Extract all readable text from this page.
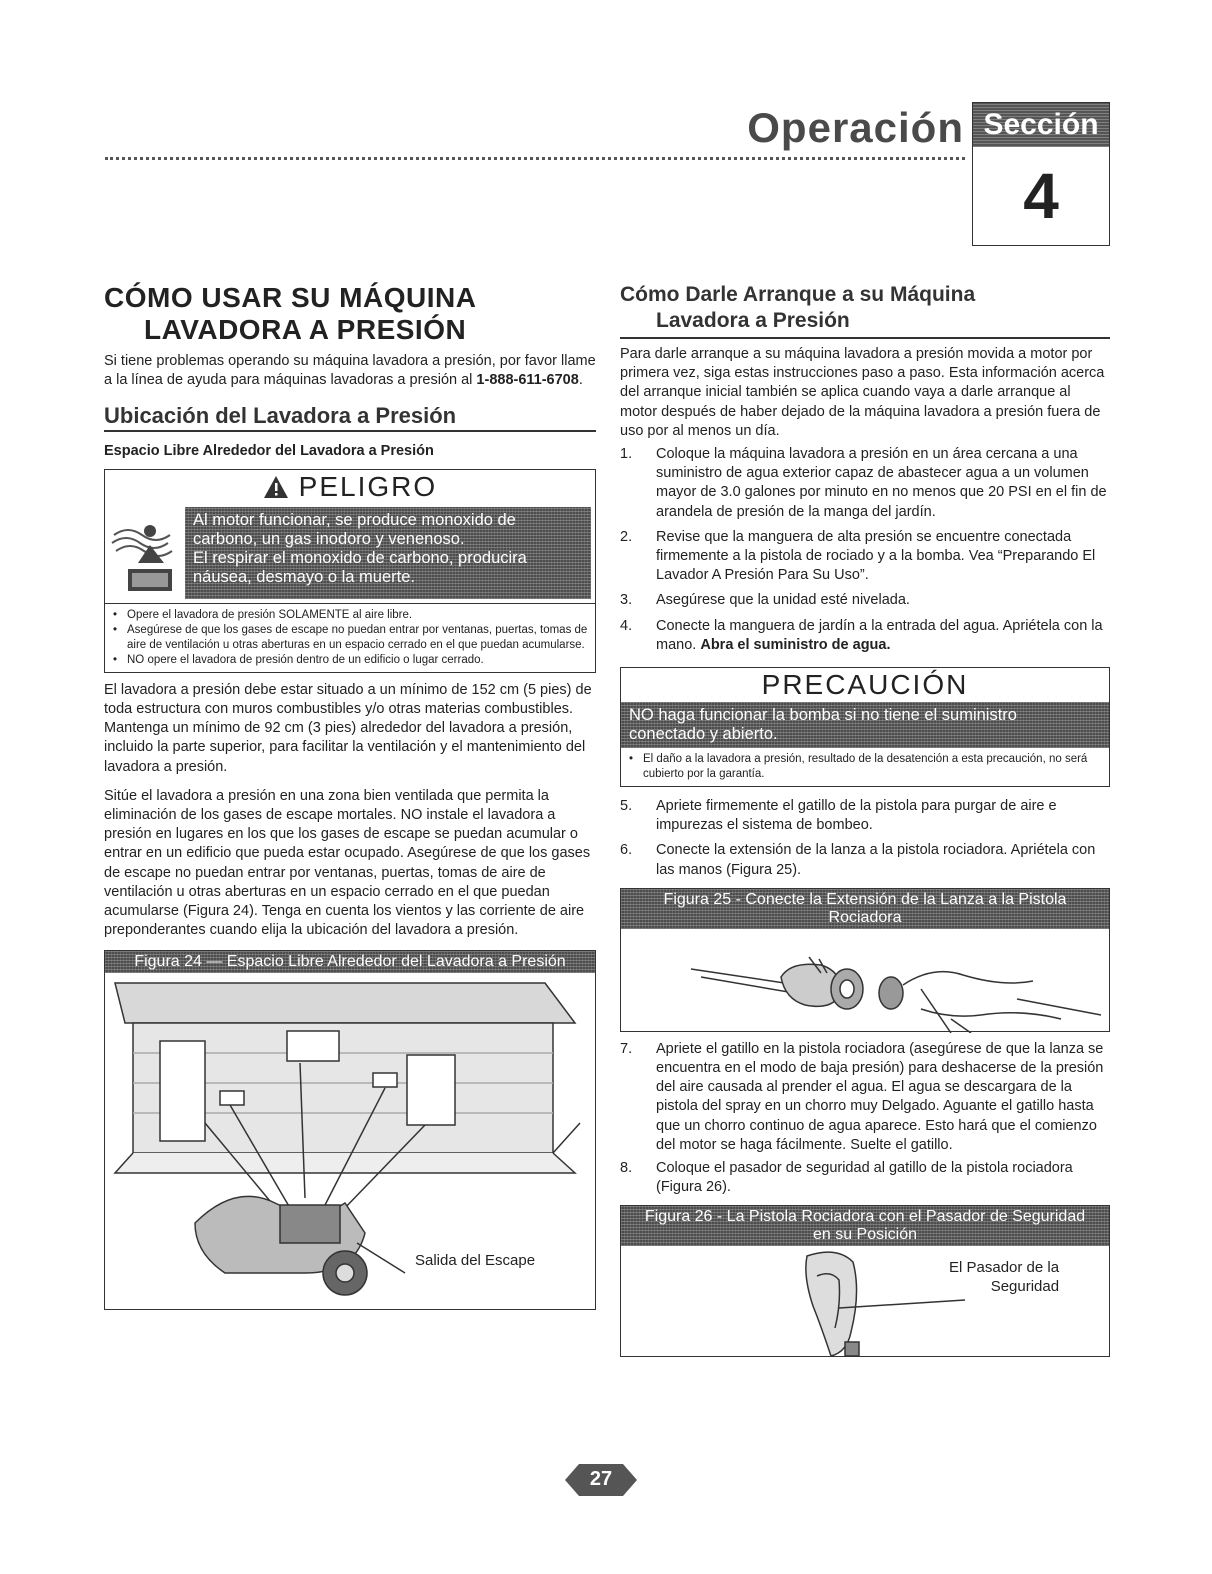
Operación Sección
4
CÓMO USAR SU MÁQUINA
LAVADORA A PRESIÓN

Si tiene problemas operando su máquina lavadora a presión, por favor llame a la línea de ayuda para máquinas lavadoras a presión al 1-888-611-6708.

Ubicación del Lavadora a Presión
Espacio Libre Alrededor del Lavadora a Presión
PELIGRO
Al motor funcionar, se produce monoxido de
carbono, un gas inodoro y venenoso.
El respirar el monoxido de carbono, producira
náusea, desmayo o la muerte.
• Opere el lavadora de presión SOLAMENTE al aire libre.
• Asegúrese de que los gases de escape no puedan entrar por ventanas, puertas, tomas de aire de ventilación u otras aberturas en un espacio cerrado en el que puedan acumularse.
• NO opere el lavadora de presión dentro de un edificio o lugar cerrado.

El lavadora a presión debe estar situado a un mínimo de 152 cm (5 pies) de toda estructura con muros combustibles y/o otras materias combustibles. Mantenga un mínimo de 92 cm (3 pies) alrededor del lavadora a presión, incluido la parte superior, para facilitar la ventilación y el mantenimiento del lavadora a presión.

Sitúe el lavadora a presión en una zona bien ventilada que permita la eliminación de los gases de escape mortales. NO instale el lavadora a presión en lugares en los que los gases de escape se puedan acumular o entrar en un edificio que pueda estar ocupado. Asegúrese de que los gases de escape no puedan entrar por ventanas, puertas, tomas de aire de ventilación u otras aberturas en un espacio cerrado en el que puedan acumularse (Figura 24). Tenga en cuenta los vientos y las corriente de aire preponderantes cuando elija la ubicación del lavadora a presión.

Figura 24 — Espacio Libre Alrededor del Lavadora a Presión
Salida del Escape
Cómo Darle Arranque a su Máquina
Lavadora a Presión

Para darle arranque a su máquina lavadora a presión movida a motor por primera vez, siga estas instrucciones paso a paso. Esta información acerca del arranque inicial también se aplica cuando vaya a darle arranque al motor después de haber dejado de la máquina lavadora a presión fuera de uso por al menos un día.

1. Coloque la máquina lavadora a presión en un área cercana a una suministro de agua exterior capaz de abastecer agua a un volumen mayor de 3.0 galones por minuto en no menos que 20 PSI en el fin de arandela de presión de la manga del jardín.
2. Revise que la manguera de alta presión se encuentre conectada firmemente a la pistola de rociado y a la bomba. Vea “Preparando El Lavador A Presión Para Su Uso”.
3. Asegúrese que la unidad esté nivelada.
4. Conecte la manguera de jardín a la entrada del agua. Apriétela con la mano. Abra el suministro de agua.
PRECAUCIÓN
NO haga funcionar la bomba si no tiene el suministro
conectado y abierto.
• El daño a la lavadora a presión, resultado de la desatención a esta precaución, no será cubierto por la garantía.
5. Apriete firmemente el gatillo de la pistola para purgar de aire e impurezas el sistema de bombeo.
6. Conecte la extensión de la lanza a la pistola rociadora. Apriétela con las manos (Figura 25).
Figura 25 - Conecte la Extensión de la Lanza a la Pistola
Rociadora
7. Apriete el gatillo en la pistola rociadora (asegúrese de que la lanza se encuentra en el modo de baja presión) para deshacerse de la presión del aire causada al prender el agua. El agua se descargara de la pistola del spray en un chorro muy Delgado. Aguante el gatillo hasta que un chorro continuo de agua aparece. Esto hará que el comienzo del motor se haga fácilmente. Suelte el gatillo.
8. Coloque el pasador de seguridad al gatillo de la pistola rociadora (Figura 26).
Figura 26 - La Pistola Rociadora con el Pasador de Seguridad
en su Posición
El Pasador de la
Seguridad
27
